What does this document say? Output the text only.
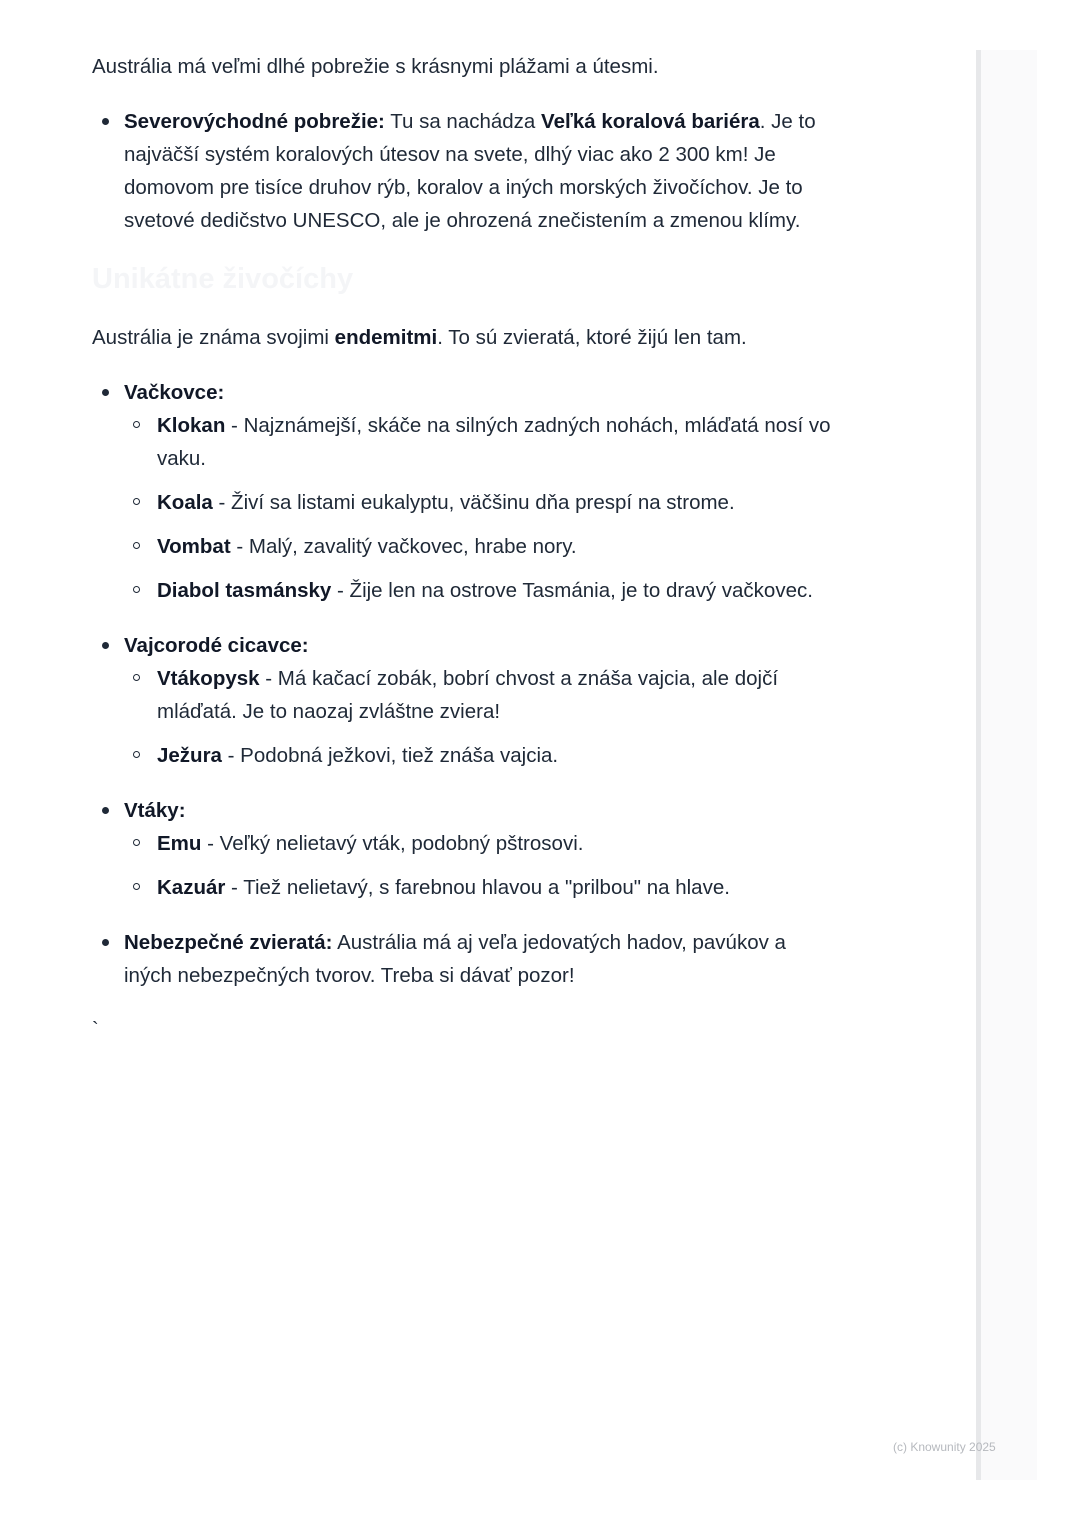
Austrália má veľmi dlhé pobrežie s krásnymi plážami a útesmi.

Severovýchodné pobrežie: Tu sa nachádza Veľká koralová bariéra. Je to najväčší systém koralových útesov na svete, dlhý viac ako 2 300 km! Je domovom pre tisíce druhov rýb, koralov a iných morských živočíchov. Je to svetové dedičstvo UNESCO, ale je ohrozená znečistením a zmenou klímy.
Unikátne živočíchy

Austrália je známa svojimi endemitmi. To sú zvieratá, ktoré žijú len tam.

Vačkovce:
Klokan - Najznámejší, skáče na silných zadných nohách, mláďatá nosí vo vaku.
Koala - Živí sa listami eukalyptu, väčšinu dňa prespí na strome.
Vombat - Malý, zavalitý vačkovec, hrabe nory.
Diabol tasmánsky - Žije len na ostrove Tasmánia, je to dravý vačkovec.
Vajcorodé cicavce:
Vtákopysk - Má kačací zobák, bobrí chvost a znáša vajcia, ale dojčí mláďatá. Je to naozaj zvláštne zviera!
Ježura - Podobná ježkovi, tiež znáša vajcia.
Vtáky:
Emu - Veľký nelietavý vták, podobný pštrosovi.
Kazuár - Tiež nelietavý, s farebnou hlavou a "prilbou" na hlave.
Nebezpečné zvieratá: Austrália má aj veľa jedovatých hadov, pavúkov a iných nebezpečných tvorov. Treba si dávať pozor!
`
(c) Knowunity 2025
